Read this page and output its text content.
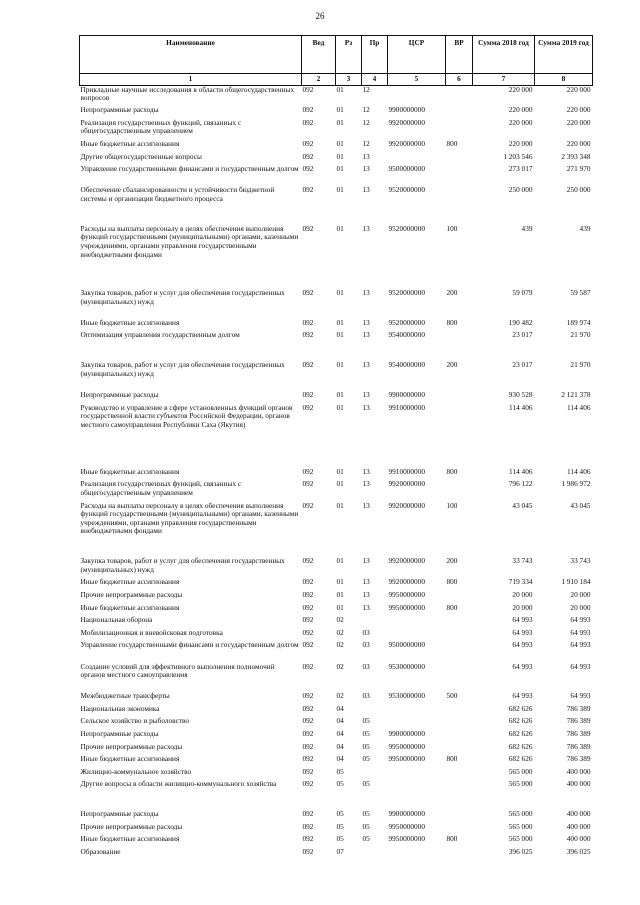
26
Наименование	Вед	Рз	Пр	ЦСР	ВР	Сумма 2018 год	Сумма 2019 год
1	2	3	4	5	6	7	8
Прикладные научные исследования в области общегосударственных вопросов	092	01	12			220 000	220 000
Непрограммные расходы	092	01	12	9900000000		220 000	220 000
Реализация государственных функций, связанных с общегосударственным управлением	092	01	12	9920000000		220 000	220 000
Иные бюджетные ассигнования	092	01	12	9920000000	800	220 000	220 000
Другие общегосударственные вопросы	092	01	13			1 203 546	2 393 348
Управление государственными финансами и государственным долгом	092	01	13	9500000000		273 017	271 970
Обеспечение сбалансированности и устойчивости бюджетной системы и организация бюджетного процесса	092	01	13	9520000000		250 000	250 000
Расходы на выплаты персоналу в целях обеспечения выполнения функций государственными (муниципальными) органами, казенными учреждениями, органами управления государственными внебюджетными фондами	092	01	13	9520000000	100	439	439
Закупка товаров, работ и услуг для обеспечения государственных (муниципальных) нужд	092	01	13	9520000000	200	59 079	59 587
Иные бюджетные ассигнования	092	01	13	9520000000	800	190 482	189 974
Оптимизация управления государственным долгом	092	01	13	9540000000		23 017	21 970
Закупка товаров, работ и услуг для обеспечения государственных (муниципальных) нужд	092	01	13	9540000000	200	23 017	21 970
Непрограммные расходы	092	01	13	9900000000		930 528	2 121 378
Руководство и управление в сфере установленных функций органов государственной власти субъектов Российской Федерации, органов местного самоуправления Республики Саха (Якутия)	092	01	13	9910000000		114 406	114 406
Иные бюджетные ассигнования	092	01	13	9910000000	800	114 406	114 406
Реализация государственных функций, связанных с общегосударственным управлением	092	01	13	9920000000		796 122	1 986 972
Расходы на выплаты персоналу в целях обеспечения выполнения функций государственными (муниципальными) органами, казенными учреждениями, органами управления государственными внебюджетными фондами	092	01	13	9920000000	100	43 045	43 045
Закупка товаров, работ и услуг для обеспечения государственных (муниципальных) нужд	092	01	13	9920000000	200	33 743	33 743
Иные бюджетные ассигнования	092	01	13	9920000000	800	719 334	1 910 184
Прочие непрограммные расходы	092	01	13	9950000000		20 000	20 000
Иные бюджетные ассигнования	092	01	13	9950000000	800	20 000	20 000
Национальная оборона	092	02				64 993	64 993
Мобилизационная и вневойсковая подготовка	092	02	03			64 993	64 993
Управление государственными финансами и государственным долгом	092	02	03	9500000000		64 993	64 993
Создание условий для эффективного выполнения полномочий органов местного самоуправления	092	02	03	9530000000		64 993	64 993
Межбюджетные трансферты	092	02	03	9530000000	500	64 993	64 993
Национальная экономика	092	04				682 626	786 389
Сельское хозяйство и рыболовство	092	04	05			682 626	786 389
Непрограммные расходы	092	04	05	9900000000		682 626	786 389
Прочие непрограммные расходы	092	04	05	9950000000		682 626	786 389
Иные бюджетные ассигнования	092	04	05	9950000000	800	682 626	786 389
Жилищно-коммунальное хозяйство	092	05				565 000	400 000
Другие вопросы в области жилищно-коммунального хозяйства	092	05	05			565 000	400 000
Непрограммные расходы	092	05	05	9900000000		565 000	400 000
Прочие непрограммные расходы	092	05	05	9950000000		565 000	400 000
Иные бюджетные ассигнования	092	05	05	9950000000	800	565 000	400 000
Образование	092	07				396 025	396 025
